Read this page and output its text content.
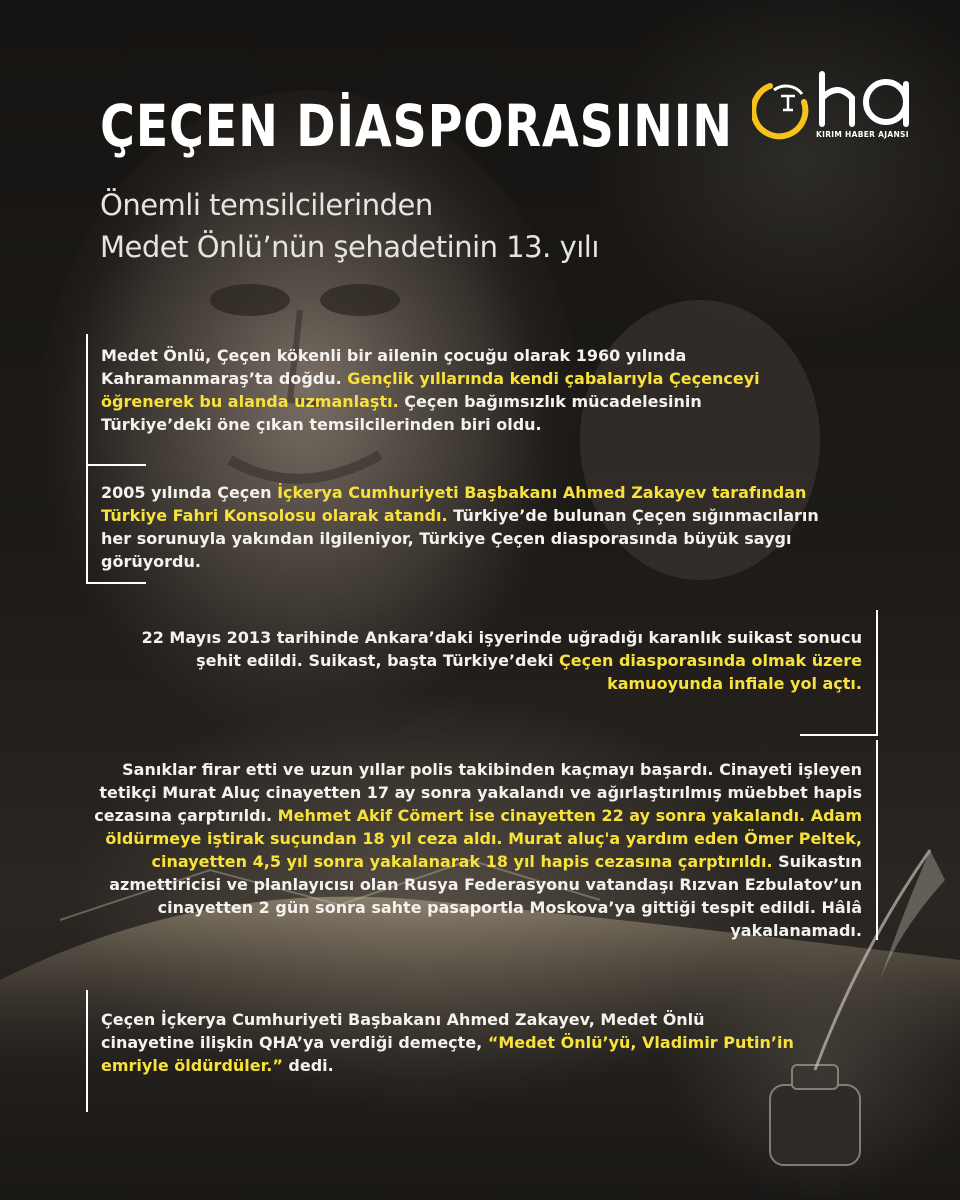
ÇEÇEN DİASPORASININ
Önemli temsilcilerinden
Medet Önlü’nün şehadetinin 13. yılı
KIRIM HABER AJANSI
Medet Önlü, Çeçen kökenli bir ailenin çocuğu olarak 1960 yılında Kahramanmaraş’ta doğdu. Gençlik yıllarında kendi çabalarıyla Çeçenceyi öğrenerek bu alanda uzmanlaştı. Çeçen bağımsızlık mücadelesinin Türkiye’deki öne çıkan temsilcilerinden biri oldu.
2005 yılında Çeçen İçkerya Cumhuriyeti Başbakanı Ahmed Zakayev tarafından Türkiye Fahri Konsolosu olarak atandı. Türkiye’de bulunan Çeçen sığınmacıların her sorunuyla yakından ilgileniyor, Türkiye Çeçen diasporasında büyük saygı görüyordu.
22 Mayıs 2013 tarihinde Ankara’daki işyerinde uğradığı karanlık suikast sonucu şehit edildi. Suikast, başta Türkiye’deki Çeçen diasporasında olmak üzere kamuoyunda infiale yol açtı.
Sanıklar firar etti ve uzun yıllar polis takibinden kaçmayı başardı. Cinayeti işleyen tetikçi Murat Aluç cinayetten 17 ay sonra yakalandı ve ağırlaştırılmış müebbet hapis cezasına çarptırıldı. Mehmet Akif Cömert ise cinayetten 22 ay sonra yakalandı. Adam öldürmeye iştirak suçundan 18 yıl ceza aldı. Murat aluç'a yardım eden Ömer Peltek, cinayetten 4,5 yıl sonra yakalanarak 18 yıl hapis cezasına çarptırıldı. Suikastın azmettiricisi ve planlayıcısı olan Rusya Federasyonu vatandaşı Rızvan Ezbulatov’un cinayetten 2 gün sonra sahte pasaportla Moskova’ya gittiği tespit edildi. Hâlâ yakalanamadı.
Çeçen İçkerya Cumhuriyeti Başbakanı Ahmed Zakayev, Medet Önlü cinayetine ilişkin QHA’ya verdiği demeçte, “Medet Önlü’yü, Vladimir Putin’in emriyle öldürdüler.” dedi.
